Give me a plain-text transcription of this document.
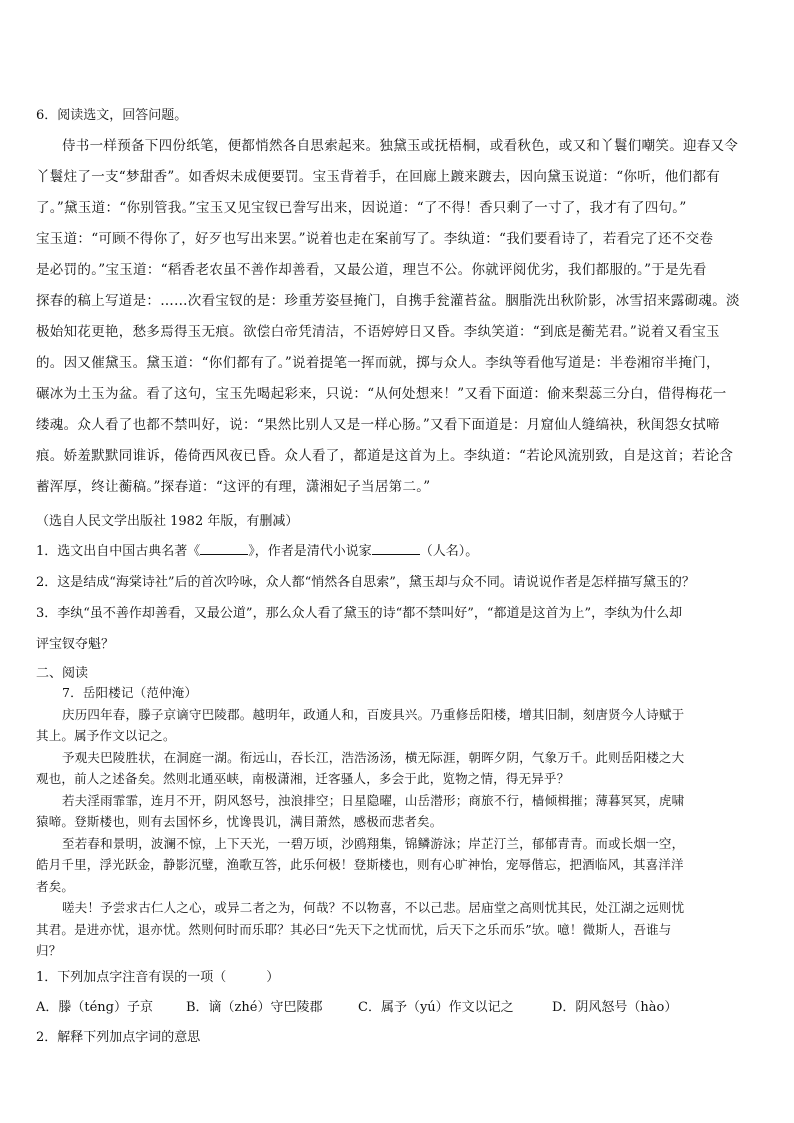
6．阅读选文，回答问题。
侍书一样预备下四份纸笔，便都悄然各自思索起来。独黛玉或抚梧桐，或看秋色，或又和丫鬟们嘲笑。迎春又令
丫鬟炷了一支“梦甜香”。如香烬未成便要罚。宝玉背着手，在回廊上踱来踱去，因向黛玉说道：“你听，他们都有
了。”黛玉道：“你别管我。”宝玉又见宝钗已誊写出来，因说道：“了不得！香只剩了一寸了，我才有了四句。”
宝玉道：“可顾不得你了，好歹也写出来罢。”说着也走在案前写了。李纨道：“我们要看诗了，若看完了还不交卷
是必罚的。”宝玉道：“稻香老农虽不善作却善看，又最公道，理岂不公。你就评阅优劣，我们都服的。”于是先看
探春的稿上写道是：……次看宝钗的是：珍重芳姿昼掩门，自携手瓮灌苔盆。胭脂洗出秋阶影，冰雪招来露砌魂。淡
极始知花更艳，愁多焉得玉无痕。欲偿白帝凭清洁，不语婷婷日又昏。李纨笑道：“到底是蘅芜君。”说着又看宝玉
的。因又催黛玉。黛玉道：“你们都有了。”说着提笔一挥而就，掷与众人。李纨等看他写道是：半卷湘帘半掩门，
碾冰为土玉为盆。看了这句，宝玉先喝起彩来，只说：“从何处想来！”又看下面道：偷来梨蕊三分白，借得梅花一
缕魂。众人看了也都不禁叫好，说：“果然比别人又是一样心肠。”又看下面道是：月窟仙人缝缟袂，秋闺怨女拭啼
痕。娇羞默默同谁诉，倦倚西风夜已昏。众人看了，都道是这首为上。李纨道：“若论风流别致，自是这首；若论含
蓄浑厚，终让蘅稿。”探春道：“这评的有理，潇湘妃子当居第二。”
（选自人民文学出版社 1982 年版，有删减）
1．选文出自中国古典名著《	》，作者是清代小说家	（人名）。
2．这是结成“海棠诗社”后的首次吟咏，众人都“悄然各自思索”，黛玉却与众不同。请说说作者是怎样描写黛玉的？
3．李纨“虽不善作却善看，又最公道”，那么众人看了黛玉的诗“都不禁叫好”，“都道是这首为上”，李纨为什么却
评宝钗夺魁？
二、阅读
7．岳阳楼记（范仲淹）
庆历四年春，滕子京谪守巴陵郡。越明年，政通人和，百废具兴。乃重修岳阳楼，增其旧制，刻唐贤今人诗赋于
其上。属予作文以记之。
予观夫巴陵胜状，在洞庭一湖。衔远山，吞长江，浩浩汤汤，横无际涯，朝晖夕阴，气象万千。此则岳阳楼之大
观也，前人之述备矣。然则北通巫峡，南极潇湘，迁客骚人，多会于此，览物之情，得无异乎？
若夫淫雨霏霏，连月不开，阴风怒号，浊浪排空；日星隐曜，山岳潜形；商旅不行，樯倾楫摧；薄暮冥冥，虎啸
猿啼。登斯楼也，则有去国怀乡，忧谗畏讥，满目萧然，感极而悲者矣。
至若春和景明，波澜不惊，上下天光，一碧万顷，沙鸥翔集，锦鳞游泳；岸芷汀兰，郁郁青青。而或长烟一空，
皓月千里，浮光跃金，静影沉璧，渔歌互答，此乐何极！登斯楼也，则有心旷神怡，宠辱偕忘，把酒临风，其喜洋洋
者矣。
嗟夫！予尝求古仁人之心，或异二者之为，何哉？不以物喜，不以己悲。居庙堂之高则忧其民，处江湖之远则忧
其君。是进亦忧，退亦忧。然则何时而乐耶？其必曰“先天下之忧而忧，后天下之乐而乐”欤。噫！微斯人，吾谁与
归？
1．下列加点字注音有误的一项（	）
A．滕（téng）子京	B．谪（zhé）守巴陵郡	C．属予（yú）作文以记之	D．阴风怒号（hào）
2．解释下列加点字词的意思
